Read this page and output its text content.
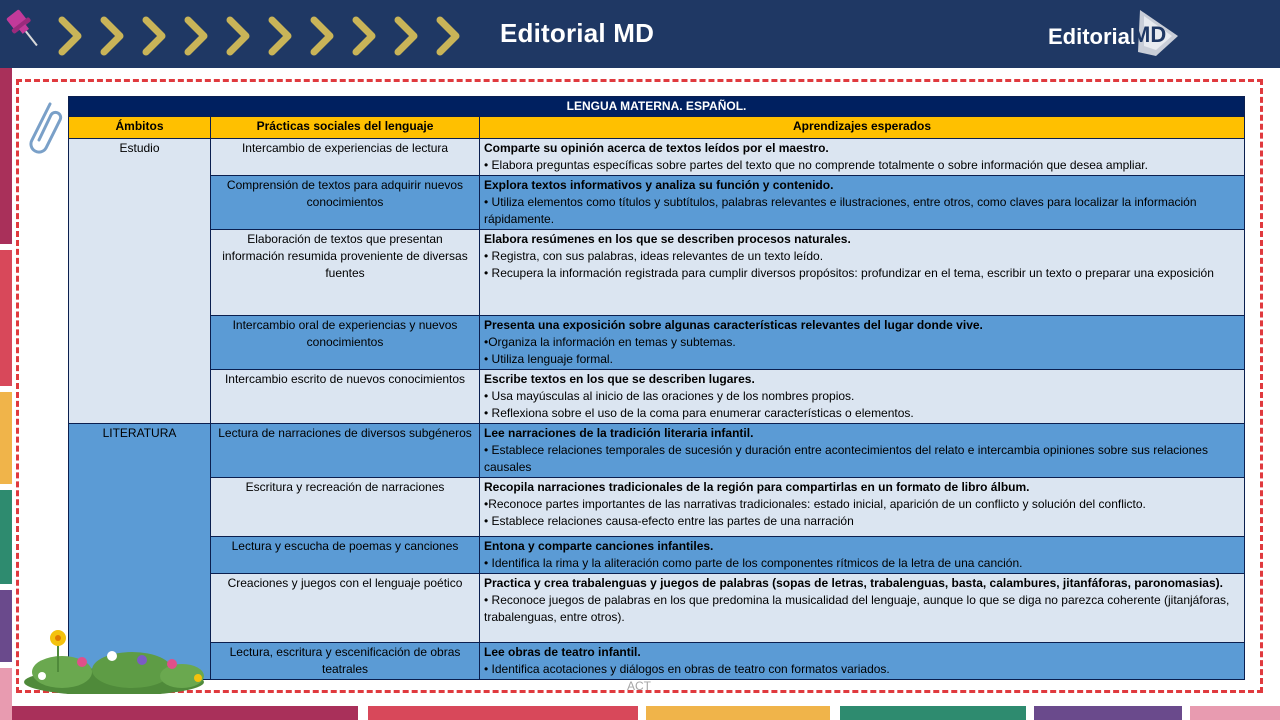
Editorial MD	Editorial
MD
LENGUA MATERNA. ESPAÑOL.		
Ámbitos	Prácticas sociales del lenguaje	Aprendizajes esperados
Estudio	Intercambio de experiencias de lectura	Comparte su opinión acerca de textos leídos por el maestro.
• Elabora preguntas específicas sobre partes del texto que no comprende totalmente o sobre información que desea ampliar.

	Comprensión de textos para adquirir nuevos conocimientos	Explora textos informativos y analiza su función y contenido.
• Utiliza elementos como títulos y subtítulos, palabras relevantes e ilustraciones, entre otros, como claves para localizar la información rápidamente.

	Elaboración de textos que presentan información resumida proveniente de diversas fuentes	Elabora resúmenes en los que se describen procesos naturales.
• Registra, con sus palabras, ideas relevantes de un texto leído.
• Recupera la información registrada para cumplir diversos propósitos: profundizar en el tema, escribir un texto o preparar una exposición

	Intercambio oral de experiencias y nuevos conocimientos	Presenta una exposición sobre algunas características relevantes del lugar donde vive.
•Organiza la información en temas y subtemas.
• Utiliza lenguaje formal.

	Intercambio escrito de nuevos conocimientos	Escribe textos en los que se describen lugares.
• Usa mayúsculas al inicio de las oraciones y de los nombres propios.
• Reflexiona sobre el uso de la coma para enumerar características o elementos.

LITERATURA	Lectura de narraciones de diversos subgéneros	Lee narraciones de la tradición literaria infantil.
• Establece relaciones temporales de sucesión y duración entre acontecimientos del relato e intercambia opiniones sobre sus relaciones causales

	Escritura y recreación de narraciones	Recopila narraciones tradicionales de la región para compartirlas en un formato de libro álbum.
•Reconoce partes importantes de las narrativas tradicionales: estado inicial, aparición de un conflicto y solución del conflicto.
• Establece relaciones causa-efecto entre las partes de una narración

	Lectura y escucha de poemas y canciones	Entona y comparte canciones infantiles.
• Identifica la rima y la aliteración como parte de los componentes rítmicos de la letra de una canción.

	Creaciones y juegos con el lenguaje poético	Practica y crea trabalenguas y juegos de palabras (sopas de letras, trabalenguas, basta, calambures, jitanfáforas, paronomasias).
• Reconoce juegos de palabras en los que predomina la musicalidad del lenguaje, aunque lo que se diga no parezca coherente (jitanjáforas, trabalenguas, entre otros).

	Lectura, escritura y escenificación de obras teatrales	Lee obras de teatro infantil.
• Identifica acotaciones y diálogos en obras de teatro con formatos variados.
ACT
